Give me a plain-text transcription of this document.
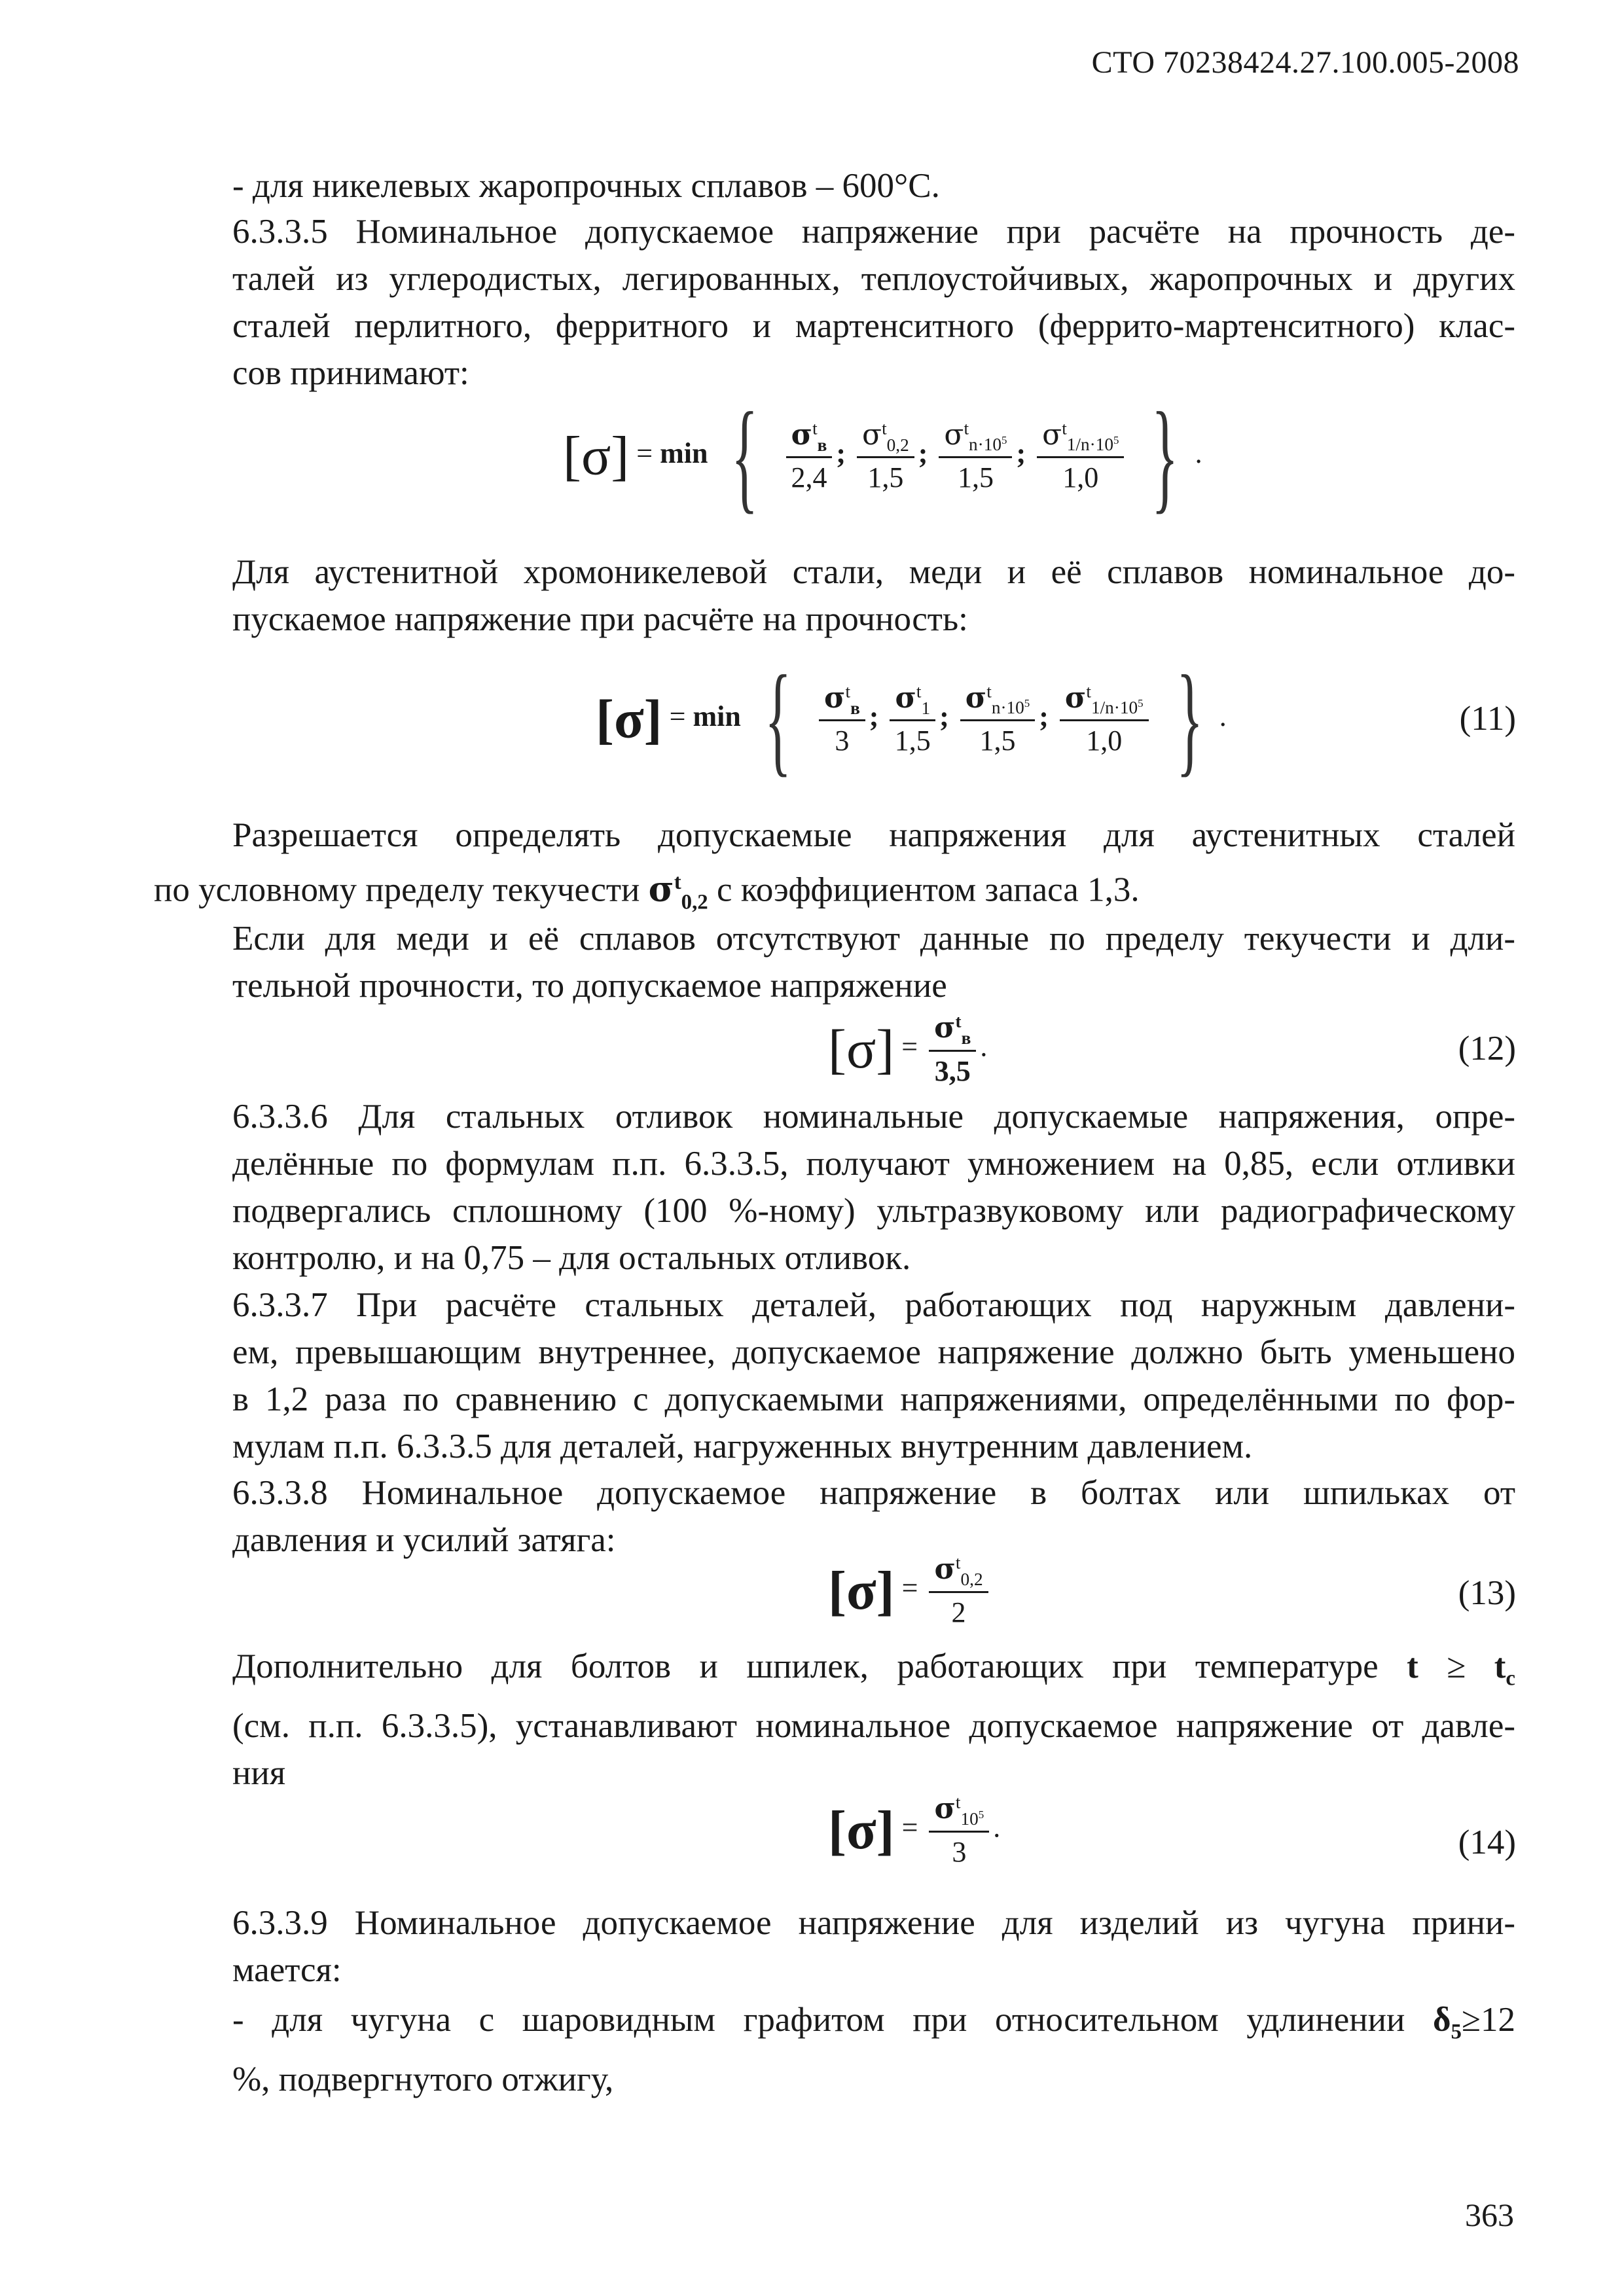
СТО 70238424.27.100.005-2008
- для никелевых жаропрочных сплавов – 600°С.
6.3.3.5 Номинальное допускаемое напряжение при расчёте на прочность де-
талей из углеродистых, легированных, теплоустойчивых, жаропрочных и других
сталей перлитного, ферритного и мартенситного (феррито-мартенситного) клас-
сов принимают:
[σ] = min { $\frac{\sigma^t_в}{2,4}$ ; $\frac{\sigma^t_{0,2}}{1,5}$ ; $\frac{\sigma^t_{n\cdot 10^5}}{1,5}$ ; $\frac{\sigma^t_{1/n\cdot 10^5}}{1,0}$ } .
Для аустенитной хромоникелевой стали, меди и её сплавов номинальное до-
пускаемое напряжение при расчёте на прочность:
[σ] = min { $\frac{\sigma^t_в}{3}$ ; $\frac{\sigma^t_1}{1,5}$ ; $\frac{\sigma^t_{n\cdot 10^5}}{1,5}$ ; $\frac{\sigma^t_{1/n\cdot 10^5}}{1,0}$ } .	(11)
Разрешается определять допускаемые напряжения для аустенитных сталей
по условному пределу текучести $\sigma^t_{0,2}$ с коэффициентом запаса 1,3.
Если для меди и её сплавов отсутствуют данные по пределу текучести и дли-
тельной прочности, то допускаемое напряжение
$[\sigma] = \frac{\sigma^t_в}{3,5}$ .	(12)
6.3.3.6 Для стальных отливок номинальные допускаемые напряжения, опре-
делённые по формулам п.п. 6.3.3.5, получают умножением на 0,85, если отливки
подвергались сплошному (100 %-ному) ультразвуковому или радиографическому
контролю, и на 0,75 – для остальных отливок.
6.3.3.7 При расчёте стальных деталей, работающих под наружным давлени-
ем, превышающим внутреннее, допускаемое напряжение должно быть уменьшено
в 1,2 раза по сравнению с допускаемыми напряжениями, определёнными по фор-
мулам п.п. 6.3.3.5 для деталей, нагруженных внутренним давлением.
6.3.3.8 Номинальное допускаемое напряжение в болтах или шпильках от
давления и усилий затяга:
$[\sigma] = \frac{\sigma^t_{0,2}}{2}$	(13)
Дополнительно для болтов и шпилек, работающих при температуре $t \ge t_c$
(см. п.п. 6.3.3.5), устанавливают номинальное допускаемое напряжение от давле-
ния
$[\sigma] = \frac{\sigma^t_{10^5}}{3}$ .	(14)
6.3.3.9 Номинальное допускаемое напряжение для изделий из чугуна прини-
мается:
- для чугуна с шаровидным графитом при относительном удлинении $\delta_5\ge 12$
%, подвергнутого отжигу,
363
